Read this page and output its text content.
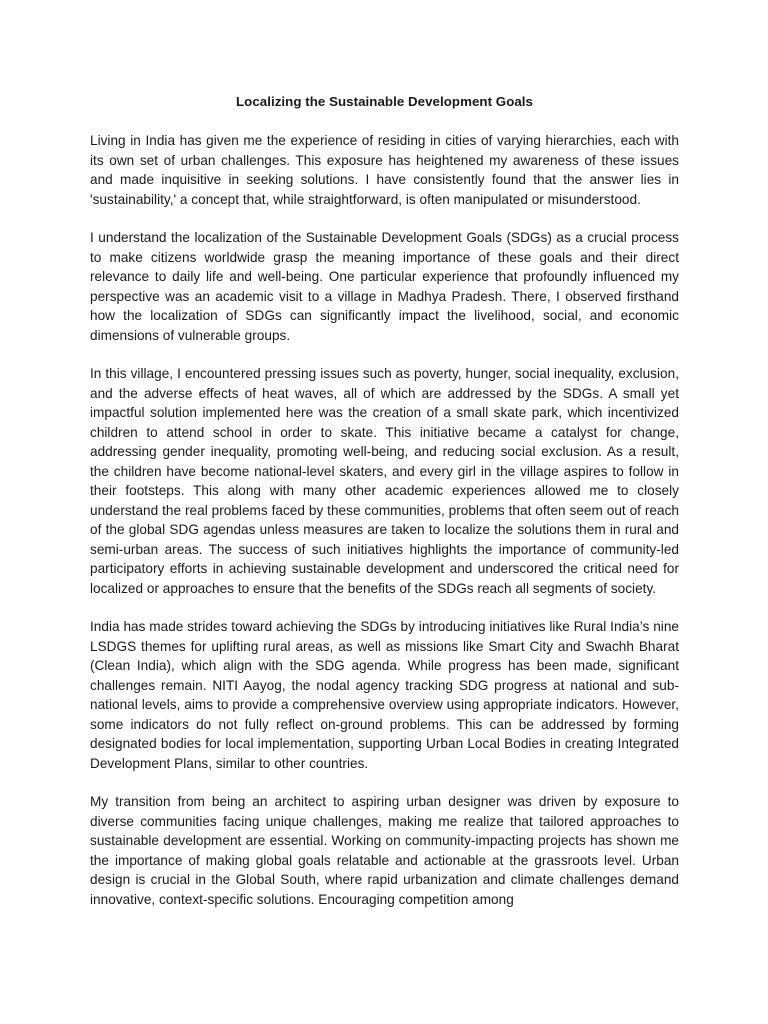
Localizing the Sustainable Development Goals

Living in India has given me the experience of residing in cities of varying hierarchies, each with its own set of urban challenges. This exposure has heightened my awareness of these issues and made inquisitive in seeking solutions. I have consistently found that the answer lies in 'sustainability,' a concept that, while straightforward, is often manipulated or misunderstood.

I understand the localization of the Sustainable Development Goals (SDGs) as a crucial process to make citizens worldwide grasp the meaning importance of these goals and their direct relevance to daily life and well-being. One particular experience that profoundly influenced my perspective was an academic visit to a village in Madhya Pradesh. There, I observed firsthand how the localization of SDGs can significantly impact the livelihood, social, and economic dimensions of vulnerable groups.

In this village, I encountered pressing issues such as poverty, hunger, social inequality, exclusion, and the adverse effects of heat waves, all of which are addressed by the SDGs. A small yet impactful solution implemented here was the creation of a small skate park, which incentivized children to attend school in order to skate. This initiative became a catalyst for change, addressing gender inequality, promoting well-being, and reducing social exclusion. As a result, the children have become national-level skaters, and every girl in the village aspires to follow in their footsteps. This along with many other academic experiences allowed me to closely understand the real problems faced by these communities, problems that often seem out of reach of the global SDG agendas unless measures are taken to localize the solutions them in rural and semi-urban areas. The success of such initiatives highlights the importance of community-led participatory efforts in achieving sustainable development and underscored the critical need for localized or approaches to ensure that the benefits of the SDGs reach all segments of society.

India has made strides toward achieving the SDGs by introducing initiatives like Rural India’s nine LSDGS themes for uplifting rural areas, as well as missions like Smart City and Swachh Bharat (Clean India), which align with the SDG agenda. While progress has been made, significant challenges remain. NITI Aayog, the nodal agency tracking SDG progress at national and sub-national levels, aims to provide a comprehensive overview using appropriate indicators. However, some indicators do not fully reflect on-ground problems. This can be addressed by forming designated bodies for local implementation, supporting Urban Local Bodies in creating Integrated Development Plans, similar to other countries.

My transition from being an architect to aspiring urban designer was driven by exposure to diverse communities facing unique challenges, making me realize that tailored approaches to sustainable development are essential. Working on community-impacting projects has shown me the importance of making global goals relatable and actionable at the grassroots level. Urban design is crucial in the Global South, where rapid urbanization and climate challenges demand innovative, context-specific solutions. Encouraging competition among
